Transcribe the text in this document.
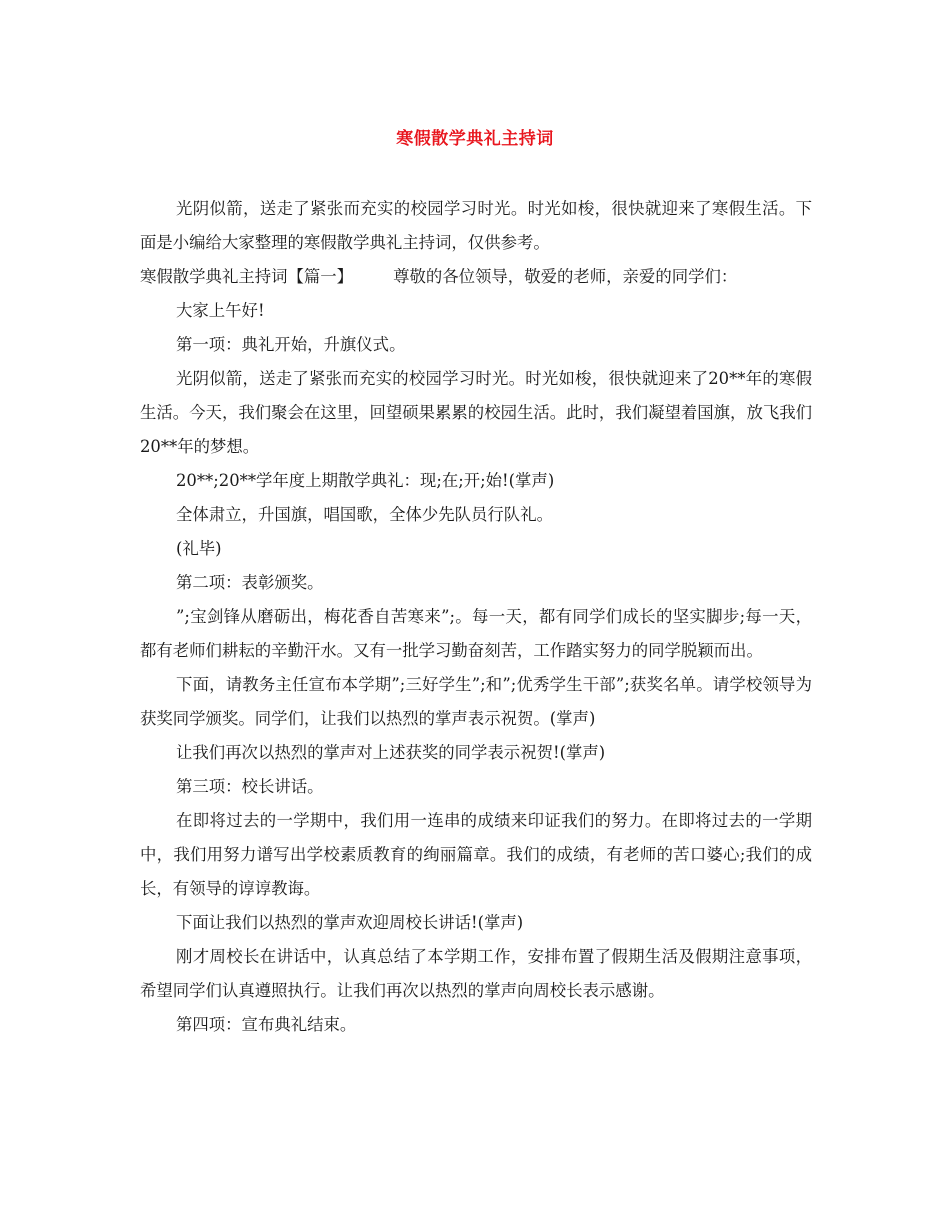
寒假散学典礼主持词

光阴似箭，送走了紧张而充实的校园学习时光。时光如梭，很快就迎来了寒假生活。下面是小编给大家整理的寒假散学典礼主持词，仅供参考。

寒假散学典礼主持词【篇一】 尊敬的各位领导，敬爱的老师，亲爱的同学们：

大家上午好!

第一项：典礼开始，升旗仪式。

光阴似箭，送走了紧张而充实的校园学习时光。时光如梭，很快就迎来了20**年的寒假生活。今天，我们聚会在这里，回望硕果累累的校园生活。此时，我们凝望着国旗，放飞我们20**年的梦想。

20**;20**学年度上期散学典礼：现;在;开;始!(掌声)

全体肃立，升国旗，唱国歌，全体少先队员行队礼。

(礼毕)

第二项：表彰颁奖。

”;宝剑锋从磨砺出，梅花香自苦寒来”;。每一天，都有同学们成长的坚实脚步;每一天，都有老师们耕耘的辛勤汗水。又有一批学习勤奋刻苦，工作踏实努力的同学脱颖而出。

下面，请教务主任宣布本学期”;三好学生”;和”;优秀学生干部”;获奖名单。请学校领导为获奖同学颁奖。同学们，让我们以热烈的掌声表示祝贺。(掌声)

让我们再次以热烈的掌声对上述获奖的同学表示祝贺!(掌声)

第三项：校长讲话。

在即将过去的一学期中，我们用一连串的成绩来印证我们的努力。在即将过去的一学期中，我们用努力谱写出学校素质教育的绚丽篇章。我们的成绩，有老师的苦口婆心;我们的成长，有领导的谆谆教诲。

下面让我们以热烈的掌声欢迎周校长讲话!(掌声)

刚才周校长在讲话中，认真总结了本学期工作，安排布置了假期生活及假期注意事项，希望同学们认真遵照执行。让我们再次以热烈的掌声向周校长表示感谢。

第四项：宣布典礼结束。
